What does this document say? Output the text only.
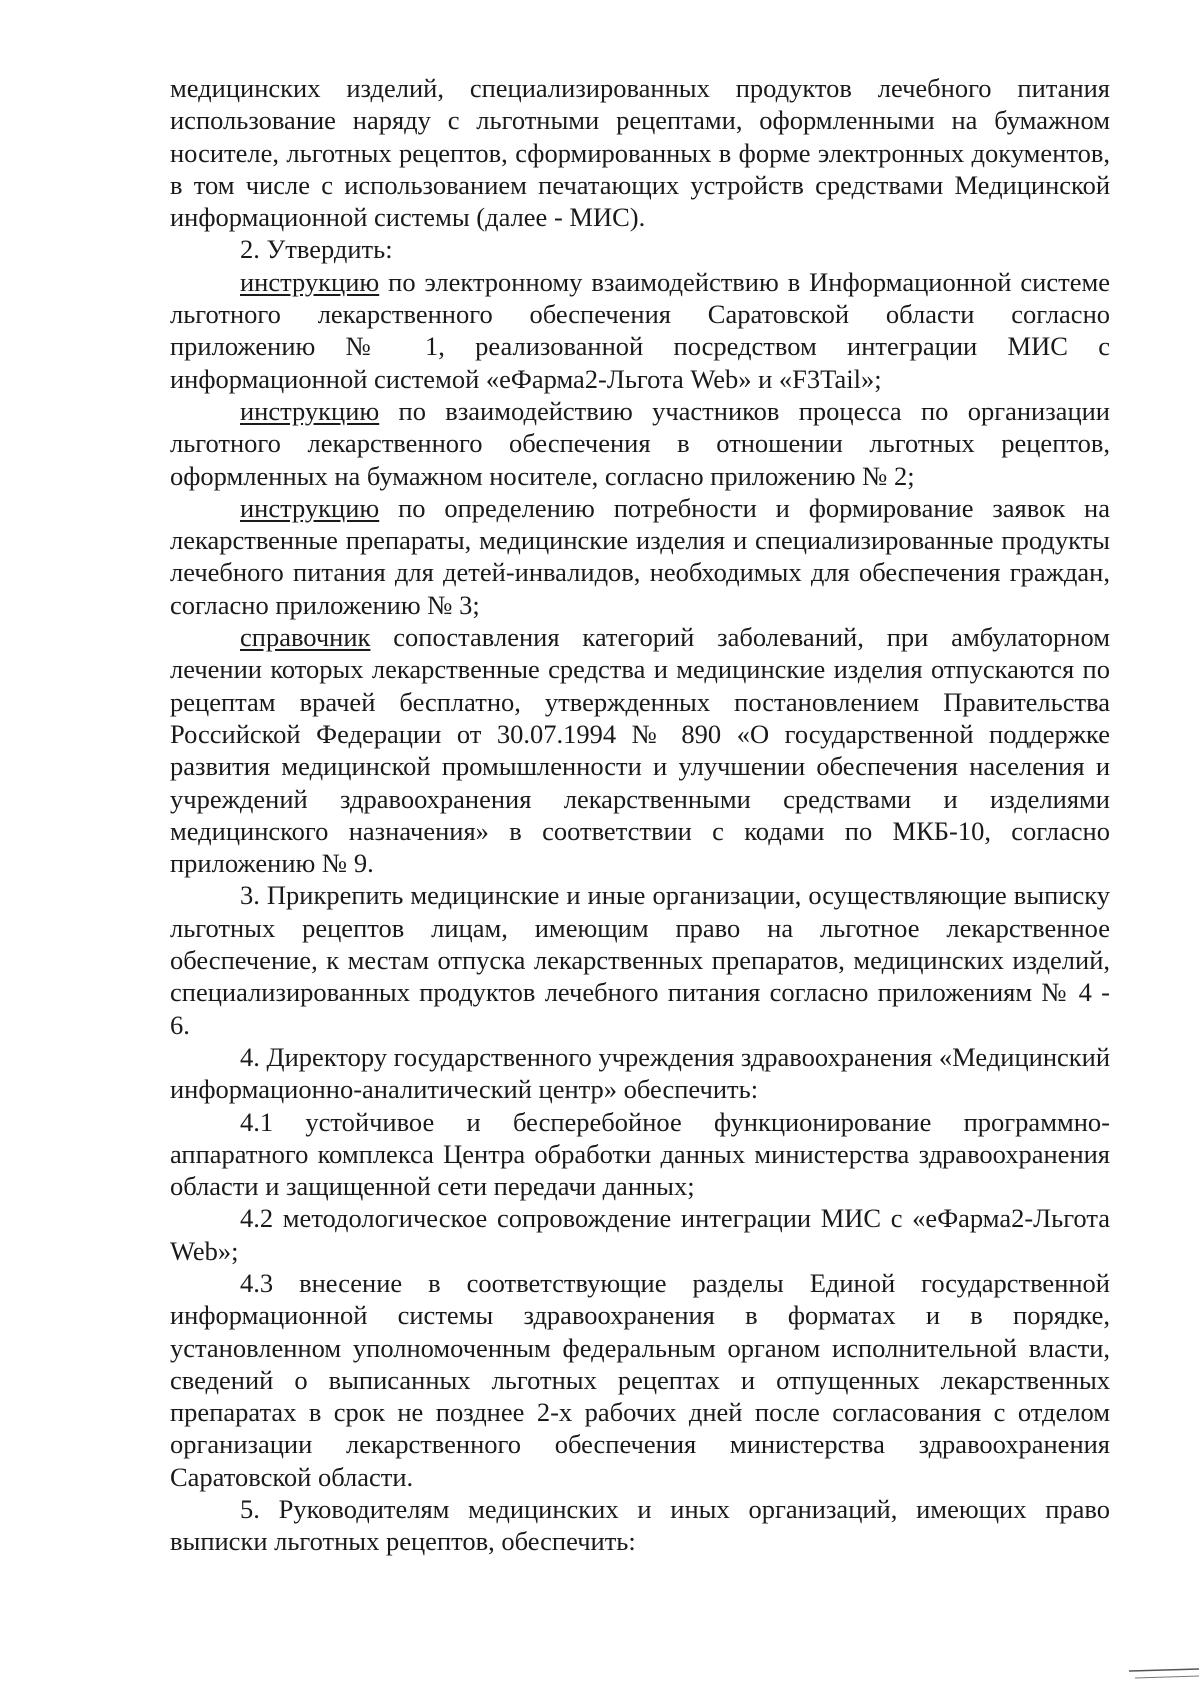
медицинских изделий, специализированных продуктов лечебного питания использование наряду с льготными рецептами, оформленными на бумажном носителе, льготных рецептов, сформированных в форме электронных документов, в том числе с использованием печатающих устройств средствами Медицинской информационной системы (далее - МИС).

2. Утвердить:

инструкцию по электронному взаимодействию в Информационной системе льготного лекарственного обеспечения Саратовской области согласно приложению № 1, реализованной посредством интеграции МИС с информационной системой «еФарма2-Льгота Web» и «F3Tail»;

инструкцию по взаимодействию участников процесса по организации льготного лекарственного обеспечения в отношении льготных рецептов, оформленных на бумажном носителе, согласно приложению № 2;

инструкцию по определению потребности и формирование заявок на лекарственные препараты, медицинские изделия и специализированные продукты лечебного питания для детей-инвалидов, необходимых для обеспечения граждан, согласно приложению № 3;

справочник сопоставления категорий заболеваний, при амбулаторном лечении которых лекарственные средства и медицинские изделия отпускаются по рецептам врачей бесплатно, утвержденных постановлением Правительства Российской Федерации от 30.07.1994 № 890 «О государственной поддержке развития медицинской промышленности и улучшении обеспечения населения и учреждений здравоохранения лекарственными средствами и изделиями медицинского назначения» в соответствии с кодами по МКБ-10, согласно приложению № 9.

3. Прикрепить медицинские и иные организации, осуществляющие выписку льготных рецептов лицам, имеющим право на льготное лекарственное обеспечение, к местам отпуска лекарственных препаратов, медицинских изделий, специализированных продуктов лечебного питания согласно приложениям № 4 - 6.

4. Директору государственного учреждения здравоохранения «Медицинский информационно-аналитический центр» обеспечить:

4.1 устойчивое и бесперебойное функционирование программно-аппаратного комплекса Центра обработки данных министерства здравоохранения области и защищенной сети передачи данных;

4.2 методологическое сопровождение интеграции МИС с «еФарма2-Льгота Web»;

4.3 внесение в соответствующие разделы Единой государственной информационной системы здравоохранения в форматах и в порядке, установленном уполномоченным федеральным органом исполнительной власти, сведений о выписанных льготных рецептах и отпущенных лекарственных препаратах в срок не позднее 2-х рабочих дней после согласования с отделом организации лекарственного обеспечения министерства здравоохранения Саратовской области.

5. Руководителям медицинских и иных организаций, имеющих право выписки льготных рецептов, обеспечить:
